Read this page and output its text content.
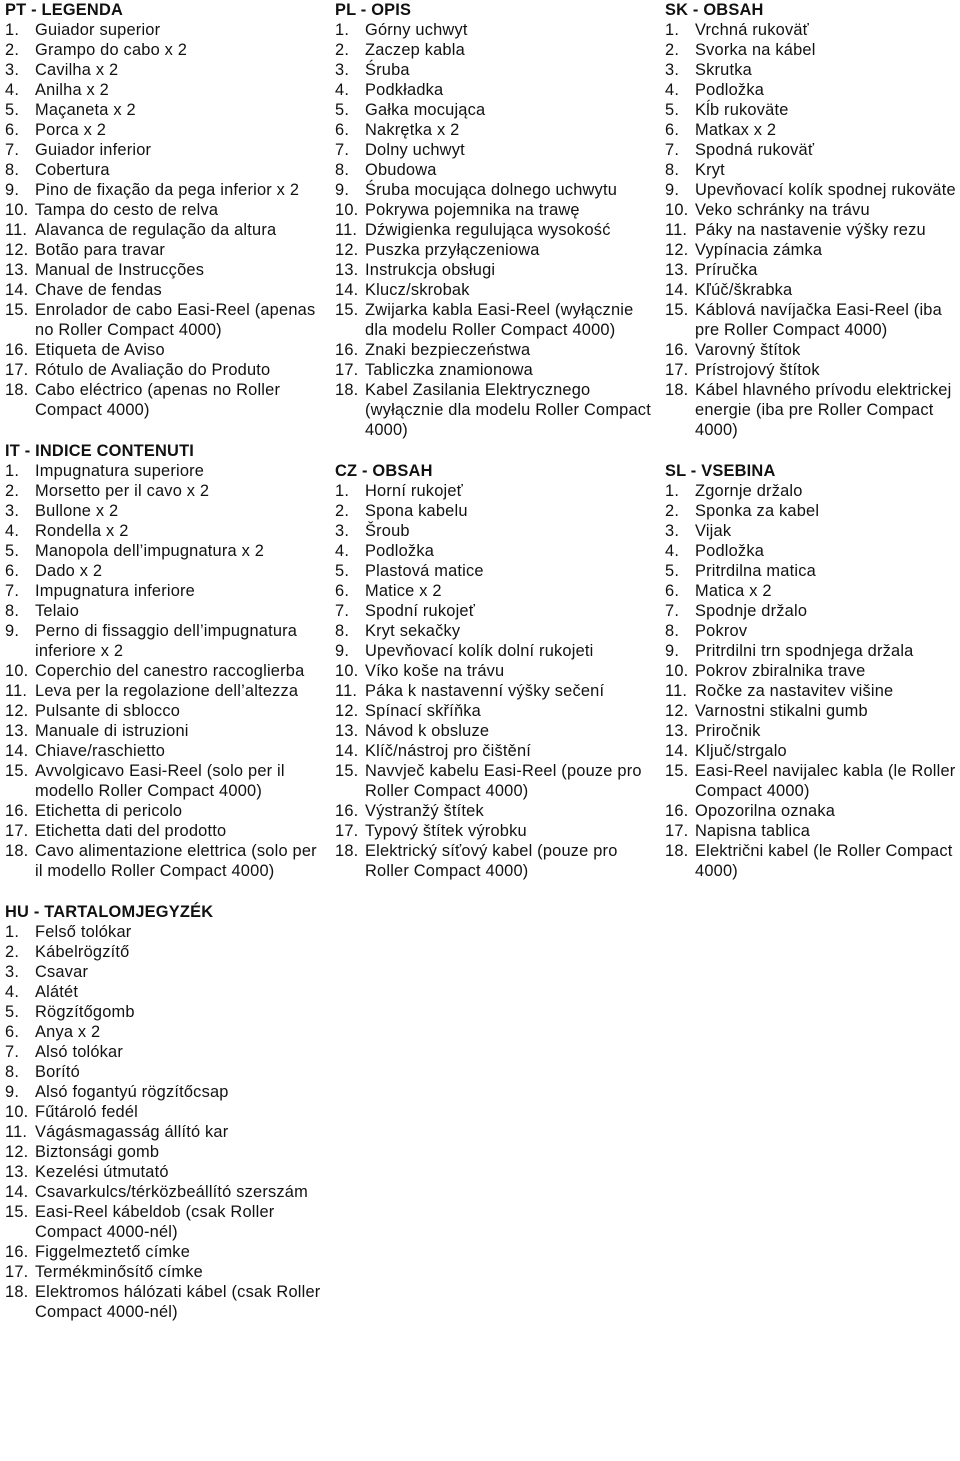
PT - LEGENDA
1. Guiador superior
2. Grampo do cabo x 2
3. Cavilha x 2
4. Anilha x 2
5. Maçaneta x 2
6. Porca x 2
7. Guiador inferior
8. Cobertura
9. Pino de fixação da pega inferior x 2
10. Tampa do cesto de relva
11. Alavanca de regulação da altura
12. Botão para travar
13. Manual de Instrucções
14. Chave de fendas
15. Enrolador de cabo Easi-Reel (apenas no Roller Compact 4000)
16. Etiqueta de Aviso
17. Rótulo de Avaliação do Produto
18. Cabo eléctrico (apenas no Roller Compact 4000)
IT - INDICE CONTENUTI
1. Impugnatura superiore
2. Morsetto per il cavo x 2
3. Bullone x 2
4. Rondella x 2
5. Manopola dell’impugnatura x 2
6. Dado x 2
7. Impugnatura inferiore
8. Telaio
9. Perno di fissaggio dell’impugnatura inferiore x 2
10. Coperchio del canestro raccoglierba
11. Leva per la regolazione dell’altezza
12. Pulsante di sblocco
13. Manuale di istruzioni
14. Chiave/raschietto
15. Avvolgicavo Easi-Reel (solo per il modello Roller Compact 4000)
16. Etichetta di pericolo
17. Etichetta dati del prodotto
18. Cavo alimentazione elettrica (solo per il modello Roller Compact 4000)
HU - TARTALOMJEGYZÉK
1. Felső tolókar
2. Kábelrögzítő
3. Csavar
4. Alátét
5. Rögzítőgomb
6. Anya x 2
7. Alsó tolókar
8. Borító
9. Alsó fogantyú rögzítőcsap
10. Fűtároló fedél
11. Vágásmagasság állító kar
12. Biztonsági gomb
13. Kezelési útmutató
14. Csavarkulcs/térközbeállító szerszám
15. Easi-Reel kábeldob (csak Roller Compact 4000-nél)
16. Figgelmeztető címke
17. Termékminősítő címke
18. Elektromos hálózati kábel (csak Roller Compact 4000-nél)
PL - OPIS
1. Górny uchwyt
2. Zaczep kabla
3. Śruba
4. Podkładka
5. Gałka mocująca
6. Nakrętka x 2
7. Dolny uchwyt
8. Obudowa
9. Śruba mocująca dolnego uchwytu
10. Pokrywa pojemnika na trawę
11. Dźwigienka regulująca wysokość
12. Puszka przyłączeniowa
13. Instrukcja obsługi
14. Klucz/skrobak
15. Zwijarka kabla Easi-Reel (wyłącznie dla modelu Roller Compact 4000)
16. Znaki bezpieczeństwa
17. Tabliczka znamionowa
18. Kabel Zasilania Elektrycznego (wyłącznie dla modelu Roller Compact 4000)
CZ - OBSAH
1. Horní rukojeť
2. Spona kabelu
3. Šroub
4. Podložka
5. Plastová matice
6. Matice x 2
7. Spodní rukojeť
8. Kryt sekačky
9. Upevňovací kolík dolní rukojeti
10. Víko koše na trávu
11. Páka k nastavenní výšky sečení
12. Spínací skříňka
13. Návod k obsluze
14. Klíč/nástroj pro čištění
15. Navvječ kabelu Easi-Reel (pouze pro Roller Compact 4000)
16. Výstranžý štítek
17. Typový štítek výrobku
18. Elektrický síťový kabel (pouze pro Roller Compact 4000)
SK - OBSAH
1. Vrchná rukoväť
2. Svorka na kábel
3. Skrutka
4. Podložka
5. Kĺb rukoväte
6. Matkax x 2
7. Spodná rukoväť
8. Kryt
9. Upevňovací kolík spodnej rukoväte
10. Veko schránky na trávu
11. Páky na nastavenie výšky rezu
12. Vypínacia zámka
13. Príručka
14. Kľúč/škrabka
15. Káblová navíjačka Easi-Reel (iba pre Roller Compact 4000)
16. Varovný štítok
17. Prístrojový štítok
18. Kábel hlavného prívodu elektrickej energie (iba pre Roller Compact 4000)
SL - VSEBINA
1. Zgornje držalo
2. Sponka za kabel
3. Vijak
4. Podložka
5. Pritrdilna matica
6. Matica x 2
7. Spodnje držalo
8. Pokrov
9. Pritrdilni trn spodnjega držala
10. Pokrov zbiralnika trave
11. Ročke za nastavitev višine
12. Varnostni stikalni gumb
13. Priročnik
14. Ključ/strgalo
15. Easi-Reel navijalec kabla (le Roller Compact 4000)
16. Opozorilna oznaka
17. Napisna tablica
18. Električni kabel (le Roller Compact 4000)
